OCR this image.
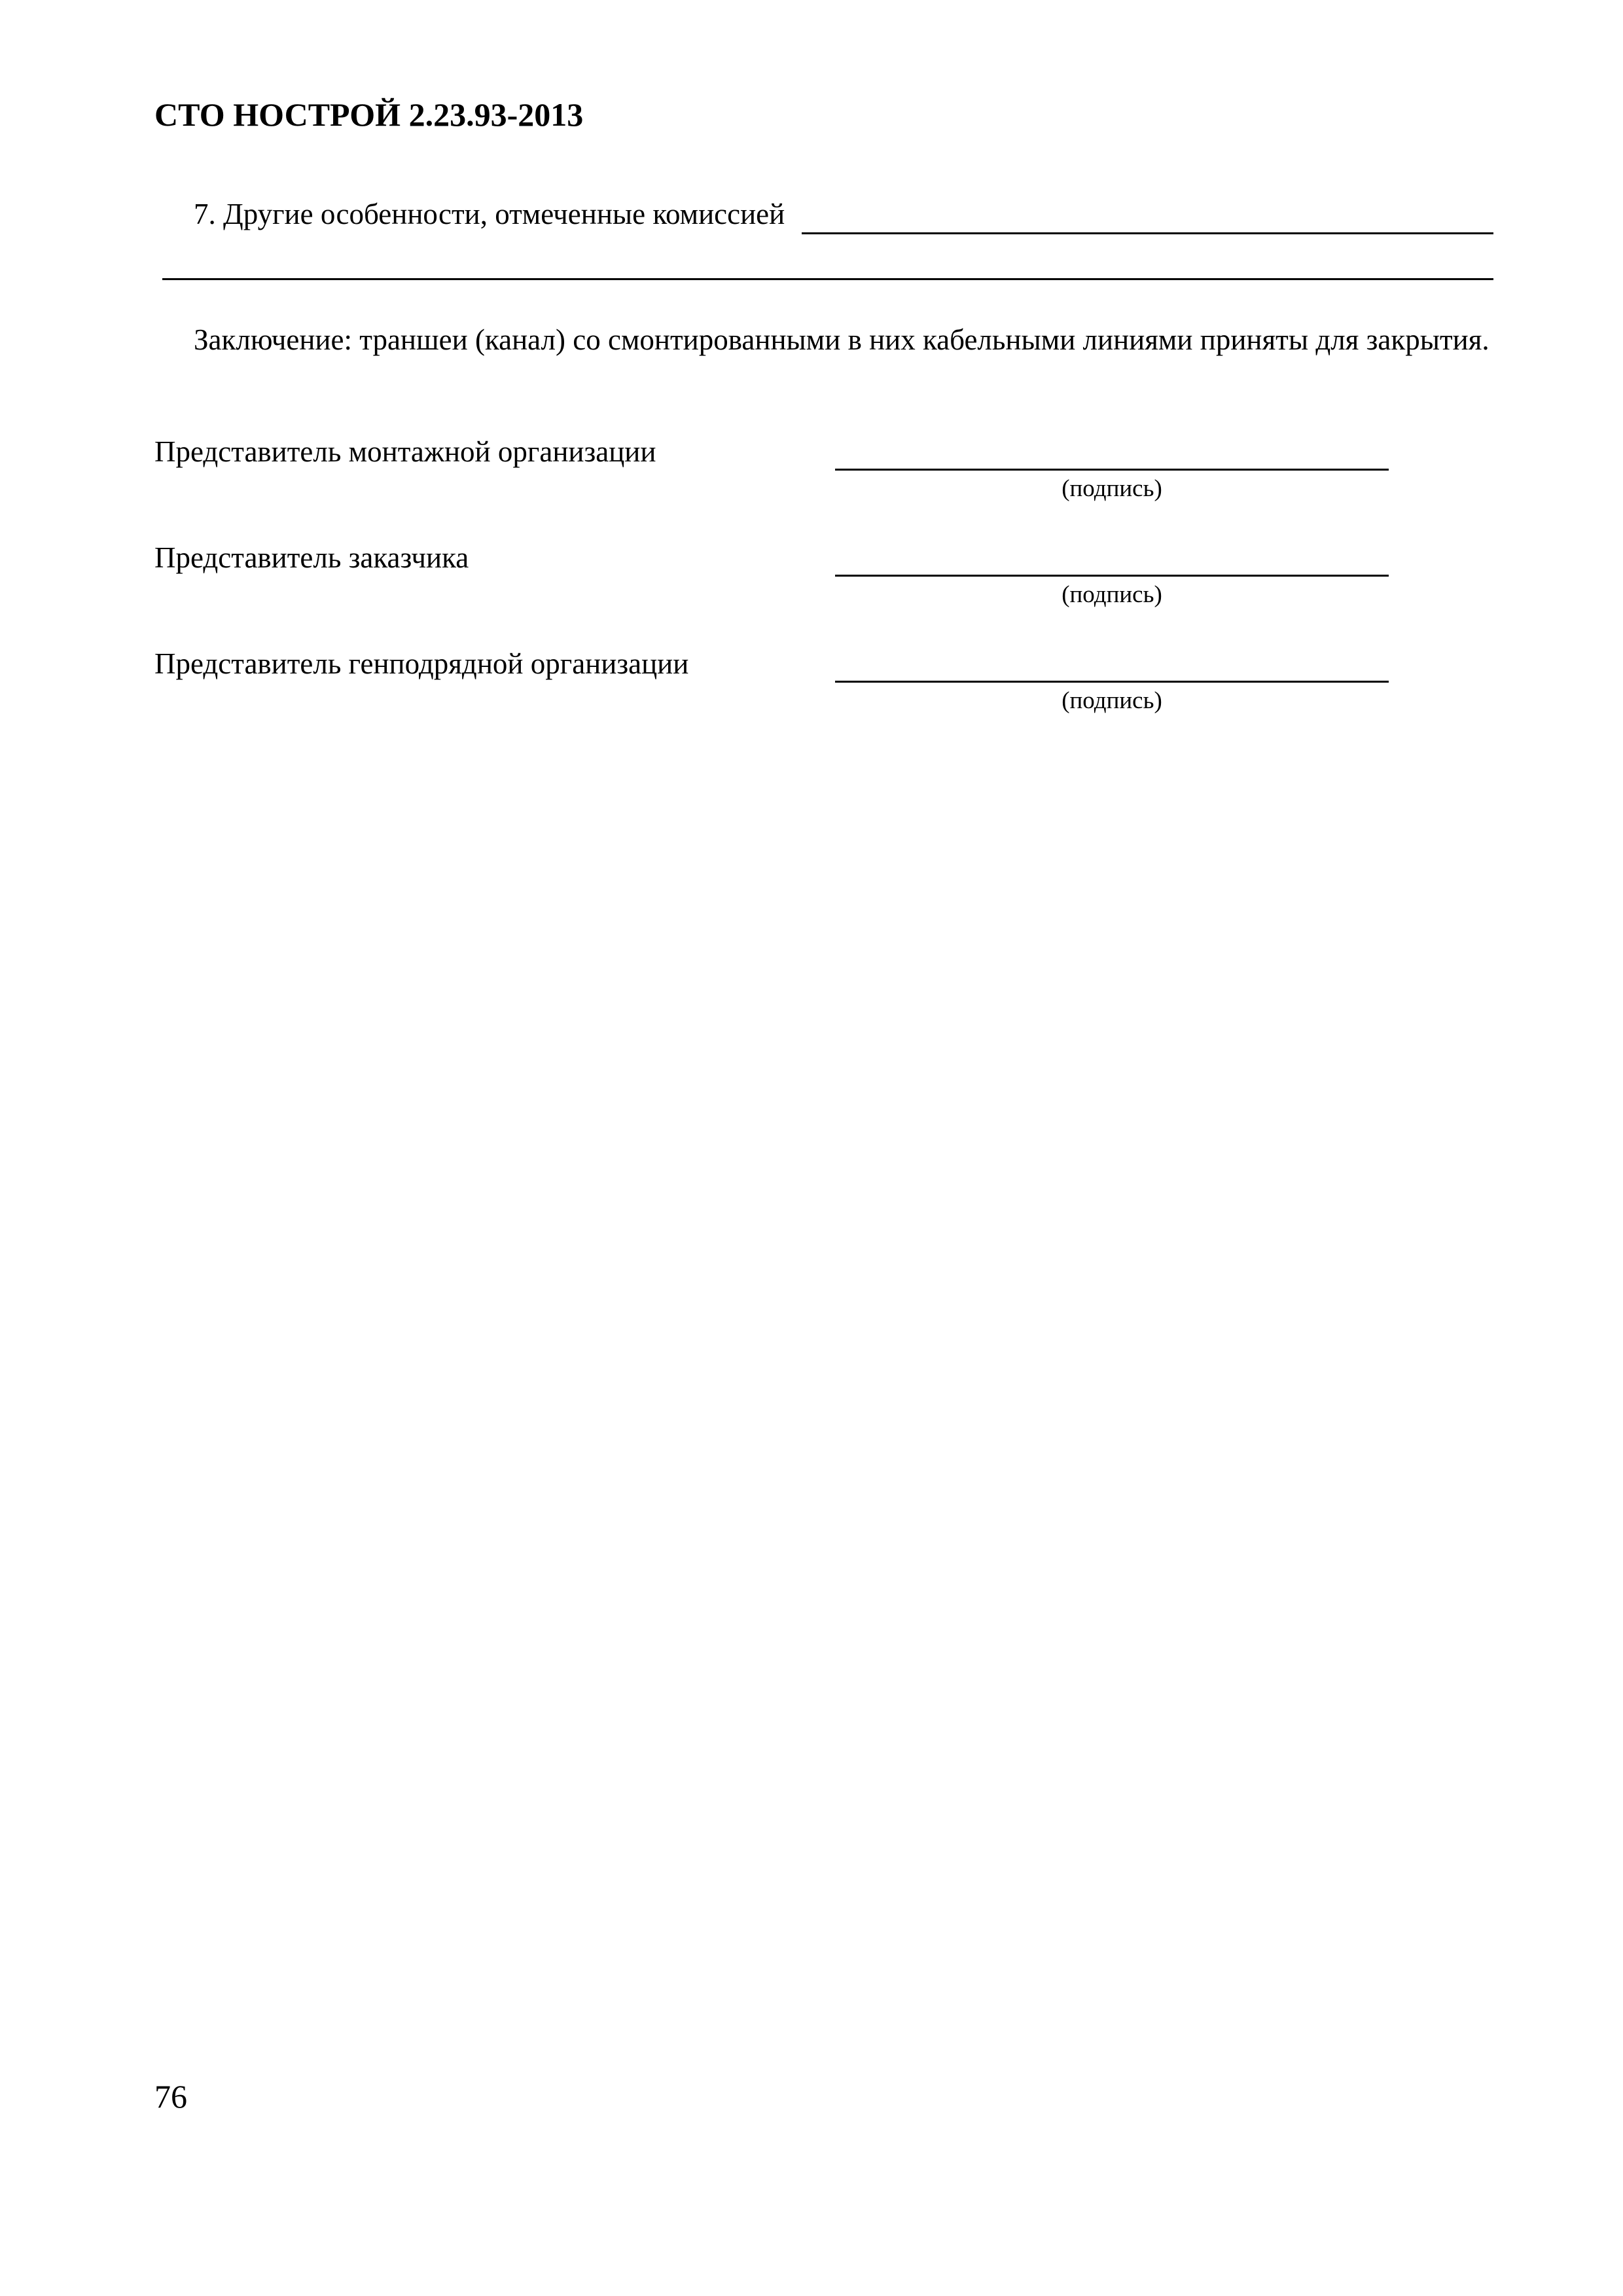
СТО НОСТРОЙ 2.23.93-2013
7. Другие особенности, отмеченные комиссией

Заключение: траншеи (канал) со смонтированными в них кабельными линиями приняты для закрытия.

Представитель монтажной организации
(подпись)
Представитель заказчика
(подпись)
Представитель генподрядной организации
(подпись)
76
